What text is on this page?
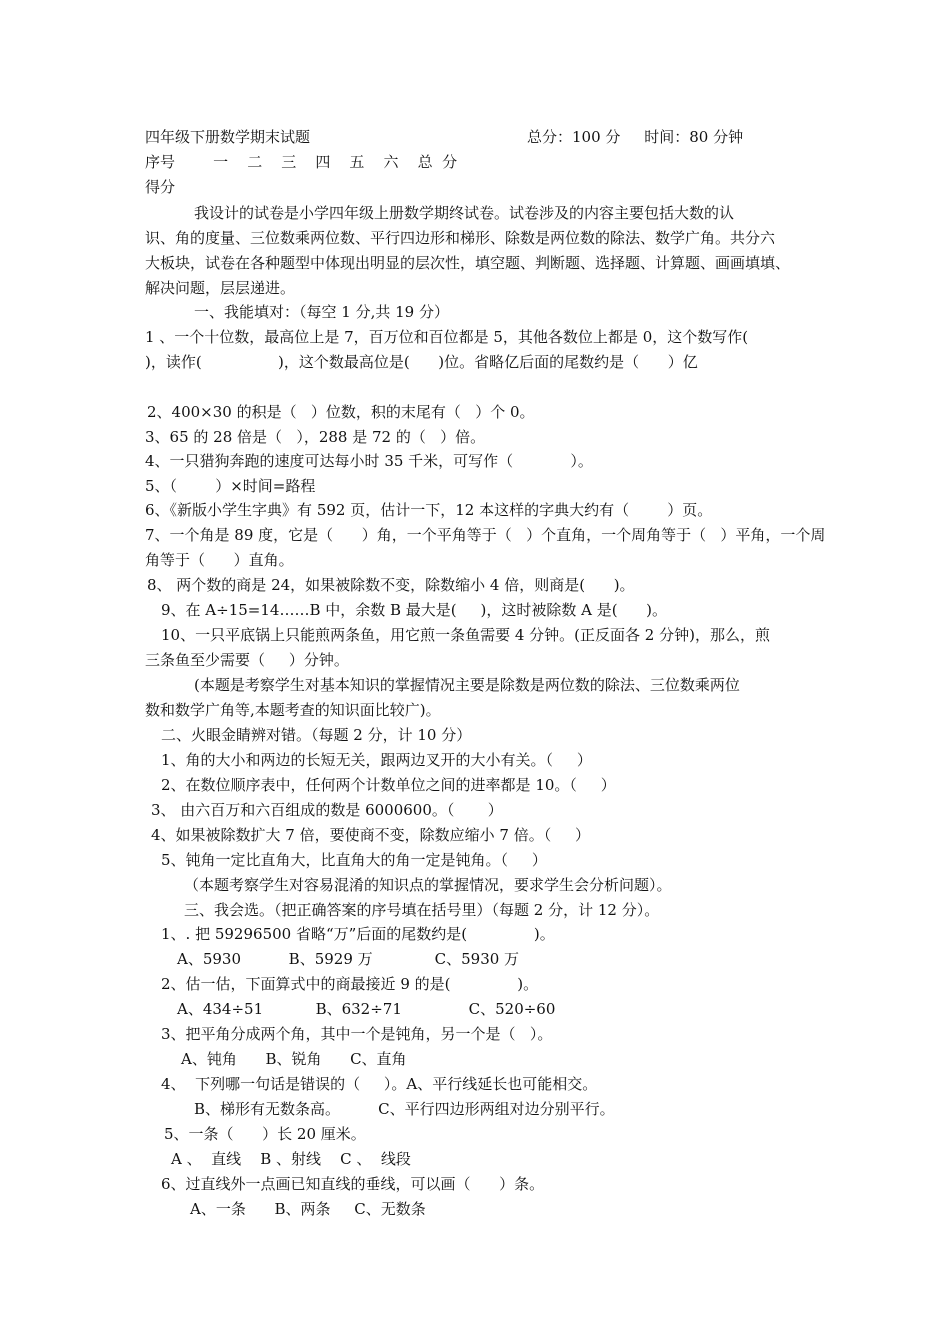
四年级下册数学期末试题	总分：100 分     时间：80 分钟
序号        一    二    三    四    五    六    总  分
得分
我设计的试卷是小学四年级上册数学期终试卷。试卷涉及的内容主要包括大数的认
识、角的度量、三位数乘两位数、平行四边形和梯形、除数是两位数的除法、数学广角。共分六
大板块，试卷在各种题型中体现出明显的层次性，填空题、判断题、选择题、计算题、画画填填、
解决问题，层层递进。
一、我能填对：（每空 1 分,共 19 分）
1 、一个十位数，最高位上是 7，百万位和百位都是 5，其他各数位上都是 0，这个数写作(
)，读作(                )，这个数最高位是(      )位。省略亿后面的尾数约是（      ）亿
2、400×30 的积是（   ）位数，积的末尾有（   ）个 0。
3、65 的 28 倍是（   ），288 是 72 的（   ）倍。
4、一只猎狗奔跑的速度可达每小时 35 千米，可写作（            ）。
5、（        ）×时间=路程
6、《新版小学生字典》有 592 页，估计一下，12 本这样的字典大约有（        ）页。
7、一个角是 89 度，它是（      ）角，一个平角等于（   ）个直角，一个周角等于（   ）平角，一个周
角等于（      ）直角。
8、 两个数的商是 24，如果被除数不变，除数缩小 4 倍，则商是(      )。
9、在 A÷15=14……B 中，余数 B 最大是(     )，这时被除数 A 是(      )。
10、一只平底锅上只能煎两条鱼，用它煎一条鱼需要 4 分钟。(正反面各 2 分钟)，那么，煎
三条鱼至少需要（     ）分钟。
(本题是考察学生对基本知识的掌握情况主要是除数是两位数的除法、三位数乘两位
数和数学广角等,本题考查的知识面比较广)。
二、火眼金睛辨对错。（每题 2 分，计 10 分）
1、角的大小和两边的长短无关，跟两边叉开的大小有关。（     ）
2、在数位顺序表中，任何两个计数单位之间的进率都是 10。（     ）
3、 由六百万和六百组成的数是 6000600。（       ）
4、如果被除数扩大 7 倍，要使商不变，除数应缩小 7 倍。（     ）
5、钝角一定比直角大，比直角大的角一定是钝角。（     ）
（本题考察学生对容易混淆的知识点的掌握情况，要求学生会分析问题）。
三、我会选。（把正确答案的序号填在括号里）（每题 2 分，计 12 分）。
1、. 把 59296500 省略“万”后面的尾数约是(              )。
A、5930          B、5929 万             C、5930 万
2、估一估，下面算式中的商最接近 9 的是(              )。
A、434÷51           B、632÷71              C、520÷60
3、把平角分成两个角，其中一个是钝角，另一个是（   ）。
A、钝角      B、锐角      C、直角
4、  下列哪一句话是错误的（     ）。A、平行线延长也可能相交。
B、梯形有无数条高。        C、平行四边形两组对边分别平行。
5、一条（      ）长 20 厘米。
A 、  直线    B 、射线    C 、  线段
6、过直线外一点画已知直线的垂线，可以画（      ）条。
A、一条      B、两条     C、无数条
